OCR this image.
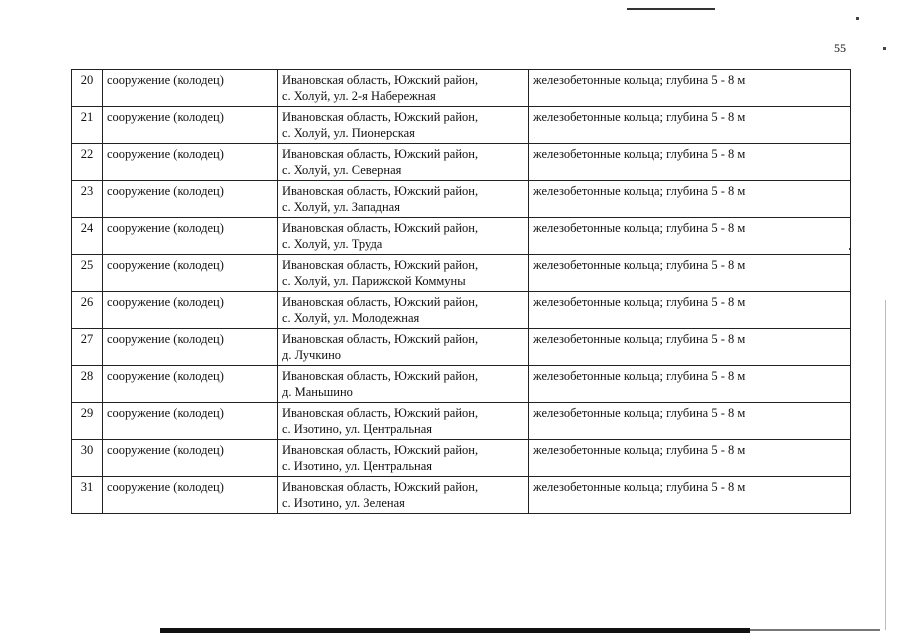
55
20	сооружение (колодец)	Ивановская область, Южский район,
с. Холуй, ул. 2-я Набережная	железобетонные кольца; глубина 5 - 8 м
21	сооружение (колодец)	Ивановская область, Южский район,
с. Холуй, ул. Пионерская	железобетонные кольца; глубина 5 - 8 м
22	сооружение (колодец)	Ивановская область, Южский район,
с. Холуй, ул. Северная	железобетонные кольца; глубина 5 - 8 м
23	сооружение (колодец)	Ивановская область, Южский район,
с. Холуй, ул. Западная	железобетонные кольца; глубина 5 - 8 м
24	сооружение (колодец)	Ивановская область, Южский район,
с. Холуй, ул. Труда	железобетонные кольца; глубина 5 - 8 м
25	сооружение (колодец)	Ивановская область, Южский район,
с. Холуй, ул. Парижской Коммуны	железобетонные кольца; глубина 5 - 8 м
26	сооружение (колодец)	Ивановская область, Южский район,
с. Холуй, ул. Молодежная	железобетонные кольца; глубина 5 - 8 м
27	сооружение (колодец)	Ивановская область, Южский район,
д. Лучкино	железобетонные кольца; глубина 5 - 8 м
28	сооружение (колодец)	Ивановская область, Южский район,
д. Маньшино	железобетонные кольца; глубина 5 - 8 м
29	сооружение (колодец)	Ивановская область, Южский район,
с. Изотино, ул. Центральная	железобетонные кольца; глубина 5 - 8 м
30	сооружение (колодец)	Ивановская область, Южский район,
с. Изотино, ул. Центральная	железобетонные кольца; глубина 5 - 8 м
31	сооружение (колодец)	Ивановская область, Южский район,
с. Изотино, ул. Зеленая	железобетонные кольца; глубина 5 - 8 м
